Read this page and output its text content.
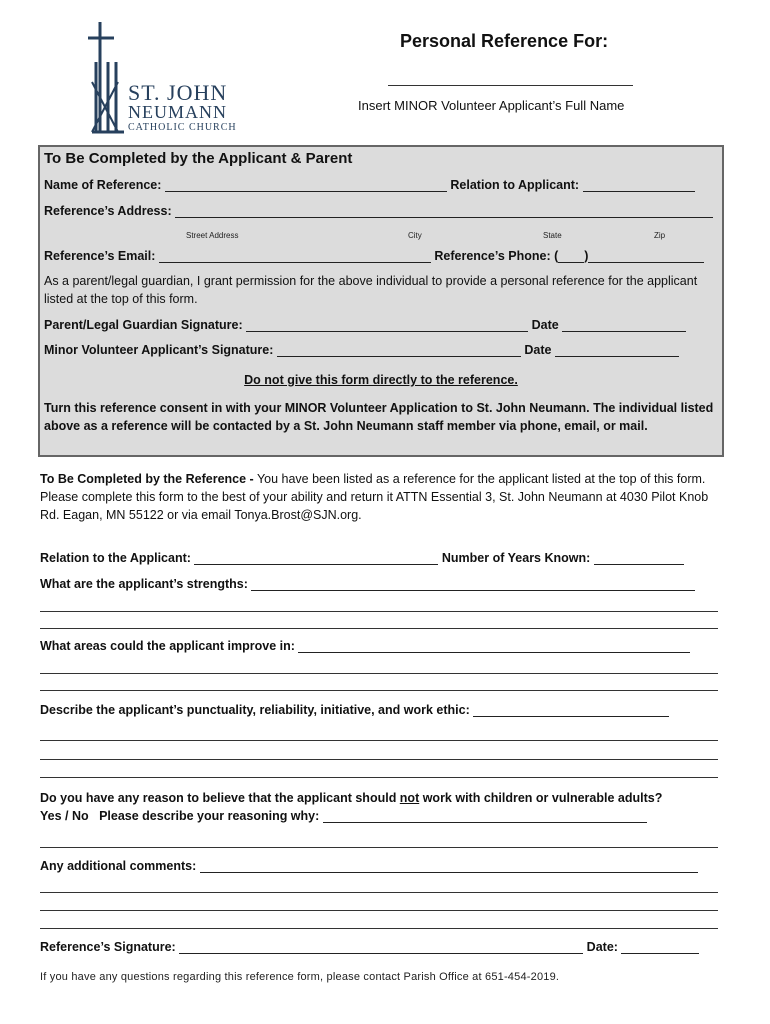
ST. JOHN
NEUMANN
CATHOLIC CHURCH
Personal Reference For:
Insert MINOR Volunteer Applicant’s Full Name
To Be Completed by the Applicant & Parent
Name of Reference:	Relation to Applicant:
Reference’s Address:
Street Address	City	State	Zip
Reference’s Email:	Reference’s Phone: ( )
As a parent/legal guardian, I grant permission for the above individual to provide a personal reference for the applicant listed at the top of this form.
Parent/Legal Guardian Signature:	Date
Minor Volunteer Applicant’s Signature:	Date
Do not give this form directly to the reference.
Turn this reference consent in with your MINOR Volunteer Application to St. John Neumann. The individual listed above as a reference will be contacted by a St. John Neumann staff member via phone, email, or mail.
To Be Completed by the Reference - You have been listed as a reference for the applicant listed at the top of this form. Please complete this form to the best of your ability and return it ATTN Essential 3, St. John Neumann at 4030 Pilot Knob Rd. Eagan, MN 55122 or via email Tonya.Brost@SJN.org.
Relation to the Applicant:	Number of Years Known:
What are the applicant’s strengths:
What areas could the applicant improve in:
Describe the applicant’s punctuality, reliability, initiative, and work ethic:
Do you have any reason to believe that the applicant should not work with children or vulnerable adults?
Yes / No Please describe your reasoning why:
Any additional comments:
Reference’s Signature:	Date:
If you have any questions regarding this reference form, please contact Parish Office at 651-454-2019.
